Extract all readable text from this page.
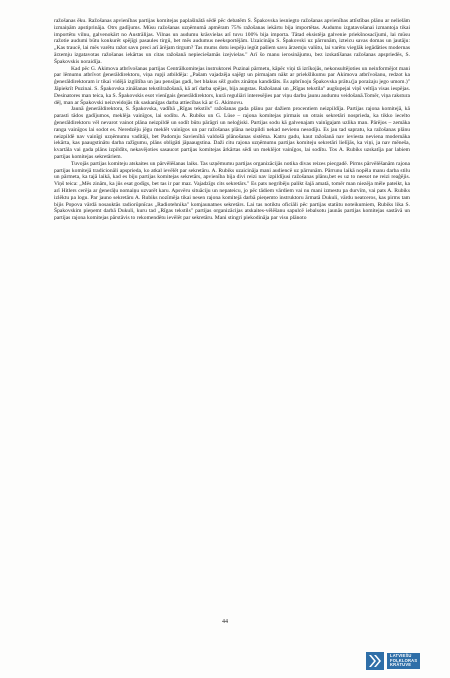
ražošanas ēku. Ražošanas apvienības partijas komitejas paplašinātā sēdē pēc debatēm S. Špakovska iesniegto ražošanas apvienības attīstības plānu ar nelielām izmaiņām apstiprināja. Otrs gadījums. Mūsu ražošanas uzņēmumā apmēram 75% ražošanas iekārtu bija importētas. Audumu izgatavošanai izmantoja tikai importētu vilnu, galvenokārt no Austrālijas. Vilnas un audumu krāsvielas arī tuvu 100% bija importa. Tātad eksistēja galvenie priekšnosacījumi, lai mūsu ražotie audumi būtu konkurēt spējīgi pasaules tirgū, bet mēs audumus neeksportējām. Uzaicināju S. Špakovski uz pārrunām, izteicu savas domas un jautāju: „Kas traucē, lai mēs varētu ražot savu preci arī ārējam tirgum? Tas mums dotu iespēju iegūt pašiem savu ārzemju valūtu, lai varētu vieglāk iegādāties modernas ārzemju izgatavotas ražošanas iekārtas un citas ražošanā nepieciešamās izejvielas." Arī šo manu ierosinājumu, bez izskatīšanas ražošanas apspriedēs, S. Špakovskis noraidīja.

Kad pēc G. Akimova atbrīvošanas partijas Centrālkomitejas instruktorei Puzinai pārmetu, kāpēc viņi tā izrīkojās, nekonsultējoties un neinformējot mani par lēmumu atbrīvot ģenerāldirektoru, viņa rupji atbildēja: „Pašam vajadzēja sajēgt un pirmajam nākt ar priekšlikumu par Akimova atbrīvošanu, redzot ka ģenerāldirektoram ir tikai vidējā izglītība un jau pensijas gadi, bet blakus sēž gudrs zinātņu kandidāts. Es apbrīnoju Špakovska prātu.(ja porażaju jego umom.)" Jāpiekrīt Puzinai. S. Špakovska zināšanas tekstilražošanā, kā arī darba spējas, bija augstas. Ražošanai un „Rīgas tekstila" augšupejai viņš veltīja visas iespējas. Desinatores man teica, ka S. Špakovskis esot vienīgais ģenerāldirektors, kurā reguliāri interesējies par viņu darbu jaunu audumu veidošanā.Tomēr, viņa rakstura dēļ, man ar Špakovski neizveidojās tik saskanīgas darba attiecības kā ar G. Akimovu.

Jaunā ģenerāldirektora, S. Špakovska, vadībā „Rīgas tekstils" ražošanas gada plānu par dažiem procentiem neizpildīja. Partijas rajona komitejā, kā parasti tādos gadījumos, meklēja vainīgos, lai sodītu. A. Rubiks un G. Lūse – rajona komitejas pirmais un otrais sekretāri nosprieda, ka tikko iecelto ģenerāldirektoru vēl nevarot vainot plāna neizpildē un sodīt būtu pārāgri un neloģiski. Partijas sodu kā galvenajam vainīgajam uzlika man. Pārējos – zemāka ranga vainīgos lai sodot es. Neredzēju jēgu meklēt vainīgos un par ražošanas plāna neizpildi nekad nevienu nesodīju. Es jau tad sapratu, ka ražošanas plānu neizpildē nav vainīgi uzņēmumu vadītāji, bet Padomju Savienībā valdošā plānošanas sistēma. Katru gadu, kaut ražošanā nav ieviesta neviena modernāka iekārta, kas paaugstinātu darba ražīgumu, plāns obligāti jāpaaugstina. Daži citu rajona uzņēmumu partijas komiteju sekretāri lielījās, ka viņi, ja nav mēneša, kvartāla vai gada plāns izpildīts, nekavējoties sasaucot partijas komitejas ārkārtas sēdi un meklējot vainīgos, lai sodītu. Tos A. Rubiks uzskatīja par labiem partijas komitejas sekretāriem.

Tuvojās partijas komiteju atskaites un pārvēlēšanas laiks. Tas uzņēmumu partijas organizācijās notika divas reizes piecgadē. Pirms pārvēlēšanām rajona partijas komitejā tradicionāli apsprieda, ko atkal ievēlēt par sekretāru. A. Rubiks uzaicināja mani audiencē uz pārrunām. Pārrunu laikā nopēla manu darba stilu un pārmeta, ka tajā laikā, kad es biju partijas komitejas sekretārs, apvienība bija divi reizi nav izpildījusi ražošanas plānu,bet es uz to neesot ne reizi reaģējis. Viņš teica: „Mēs zinām, ka jūs esat godīgs, bet tas ir par maz. Vajadzīgs cits sekretārs." Es pats negribēju palikt šajā amatā, tomēr man niezēja mēle pateikt, ka arī Hitlers cerēja ar ģenerāļu nomaiņu uzvarēt karu. Apsvēru situāciju un nepateicu, jo pēc tādiem vārdiem vai nu mani izmestu pa durvīm, vai pats A. Rubiks izlēktu pa logu. Par jauno sekretāru A. Rubiks nozīmēja tikai nesen rajona komitejā darbā pieņemto instruktoru ārmatā Dukuli, vārdu neatceros, kas pirms tam bijis Popova vārdā nosauktās radiorūpnīcas „Radiotehnika" komjaunatnes sekretārs. Lai tas notiktu oficiāli pēc partijas statūtu noteikumiem, Rubiks lika S. Špakovskim pieņemt darbā Dukuli, kuru tad „Rīgas tekstils" partijas organizācijas atskaites-vēlēšanu sapulcē iebalsotu jaunās partijas komitejas sastāvā un partijas rajona komitejas pārstāvis to rekomendētu ievēlēt par sekretāru. Mani stingri piekodināja par visu plānoto

44
LATVIEŠU
FOLKLORAS
KRĀTUVE
